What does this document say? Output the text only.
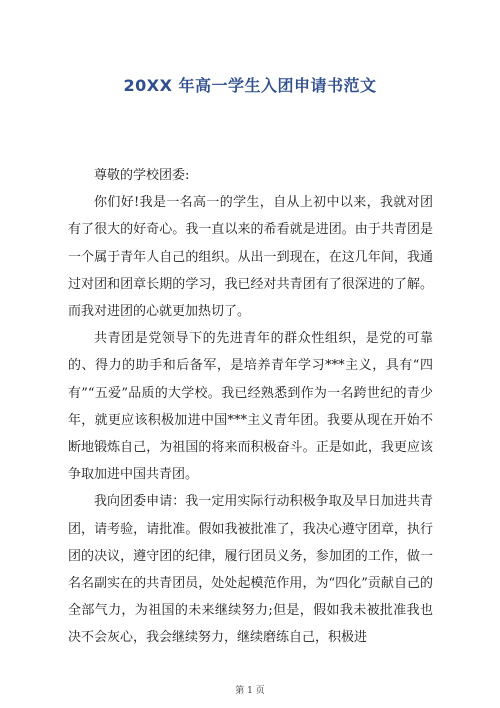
20XX 年高一学生入团申请书范文

尊敬的学校团委:

你们好!我是一名高一的学生，自从上初中以来，我就对团有了很大的好奇心。我一直以来的希看就是进团。由于共青团是一个属于青年人自己的组织。从出一到现在，在这几年间，我通过对团和团章长期的学习，我已经对共青团有了很深进的了解。而我对进团的心就更加热切了。

共青团是党领导下的先进青年的群众性组织，是党的可靠的、得力的助手和后备军，是培养青年学习***主义，具有“四有”“五爱”品质的大学校。我已经熟悉到作为一名跨世纪的青少年，就更应该积极加进中国***主义青年团。我要从现在开始不断地锻炼自己，为祖国的将来而积极奋斗。正是如此，我更应该争取加进中国共青团。

我向团委申请：我一定用实际行动积极争取及早日加进共青团，请考验，请批准。假如我被批准了，我决心遵守团章，执行团的决议，遵守团的纪律，履行团员义务，参加团的工作，做一名名副实在的共青团员，处处起模范作用，为“四化”贡献自己的全部气力，为祖国的未来继续努力;但是，假如我未被批准我也决不会灰心，我会继续努力，继续磨练自己，积极进

第 1 页
